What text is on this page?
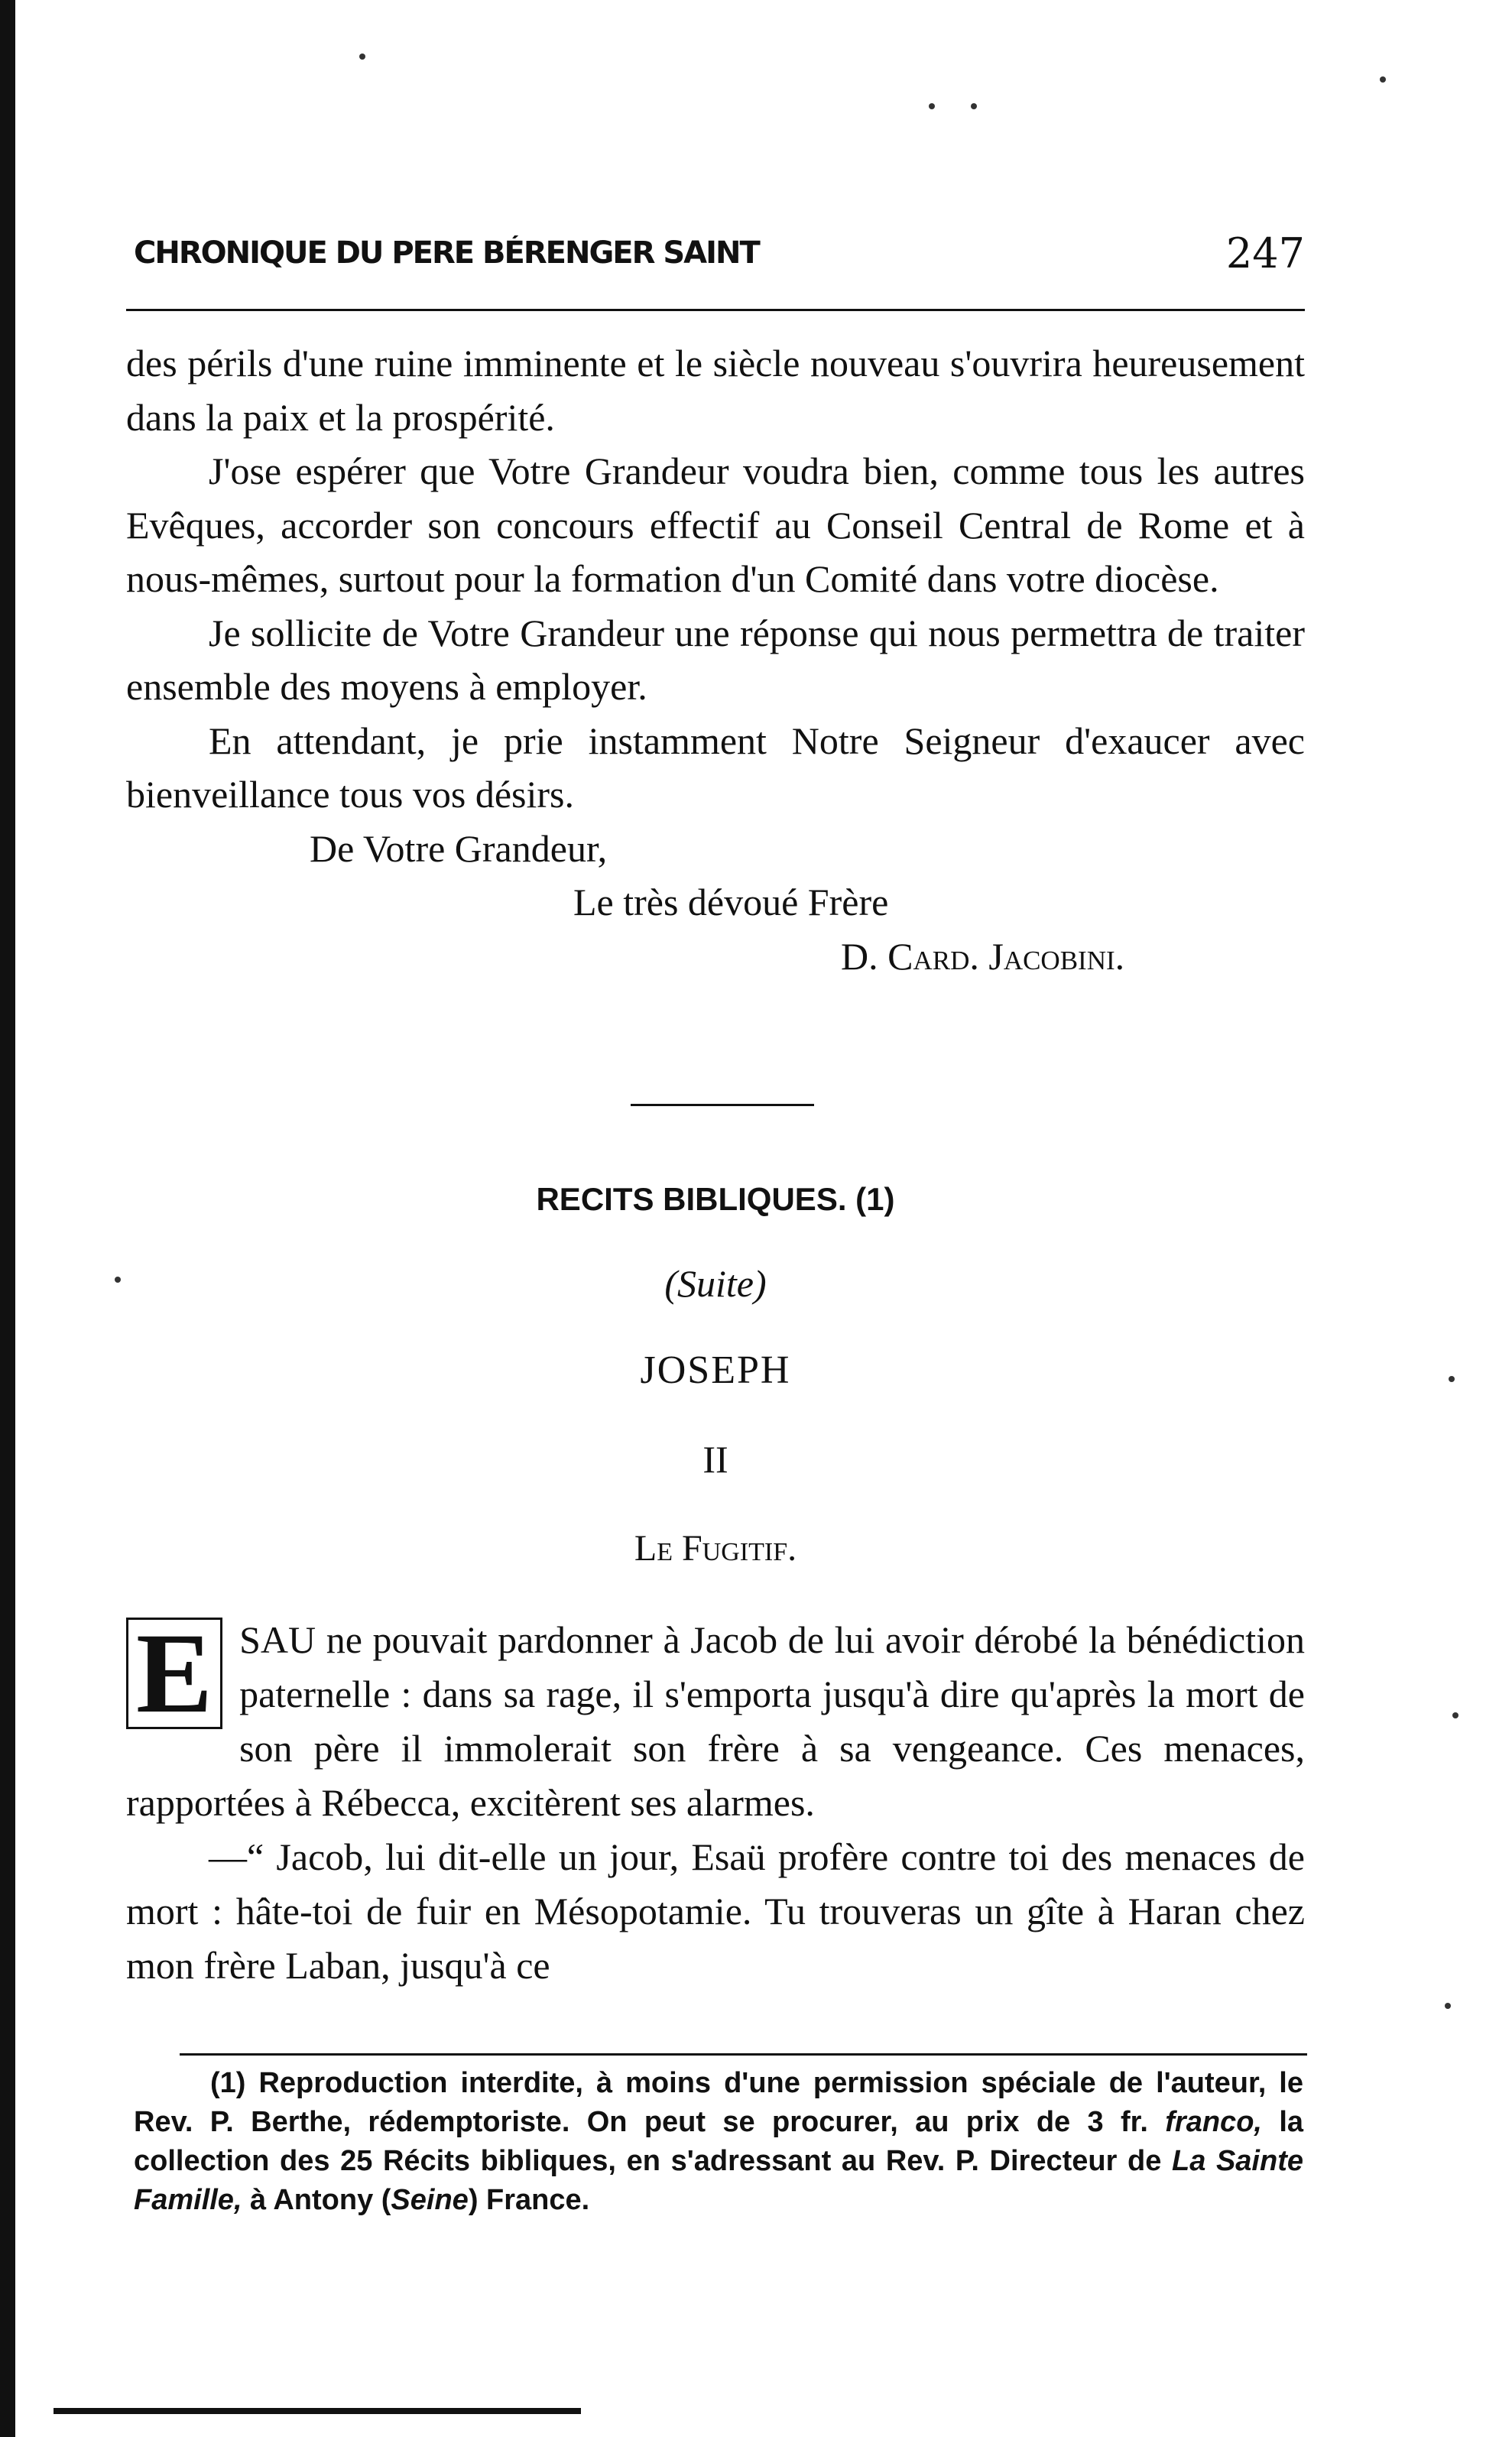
CHRONIQUE DU PERE BÉRENGER SAINT	247

des périls d'une ruine imminente et le siècle nouveau s'ouvrira heureusement dans la paix et la prospérité.

J'ose espérer que Votre Grandeur voudra bien, comme tous les autres Evêques, accorder son concours effectif au Conseil Central de Rome et à nous-mêmes, surtout pour la formation d'un Comité dans votre diocèse.

Je sollicite de Votre Grandeur une réponse qui nous permettra de traiter ensemble des moyens à employer.

En attendant, je prie instamment Notre Seigneur d'exaucer avec bienveillance tous vos désirs.

De Votre Grandeur,

Le très dévoué Frère

D. Card. Jacobini.

RECITS BIBLIQUES. (1)
(Suite)
JOSEPH
II
Le Fugitif.
E SAU ne pouvait pardonner à Jacob de lui avoir dérobé la bénédiction paternelle : dans sa rage, il s'emporta jusqu'à dire qu'après la mort de son père il immolerait son frère à sa vengeance. Ces menaces, rapportées à Rébecca, excitèrent ses alarmes.

—“ Jacob, lui dit-elle un jour, Esaü profère contre toi des menaces de mort : hâte-toi de fuir en Mésopotamie. Tu trouveras un gîte à Haran chez mon frère Laban, jusqu'à ce

(1) Reproduction interdite, à moins d'une permission spéciale de l'auteur, le Rev. P. Berthe, rédemptoriste. On peut se procurer, au prix de 3 fr. franco, la collection des 25 Récits bibliques, en s'adressant au Rev. P. Directeur de La Sainte Famille, à Antony (Seine) France.
